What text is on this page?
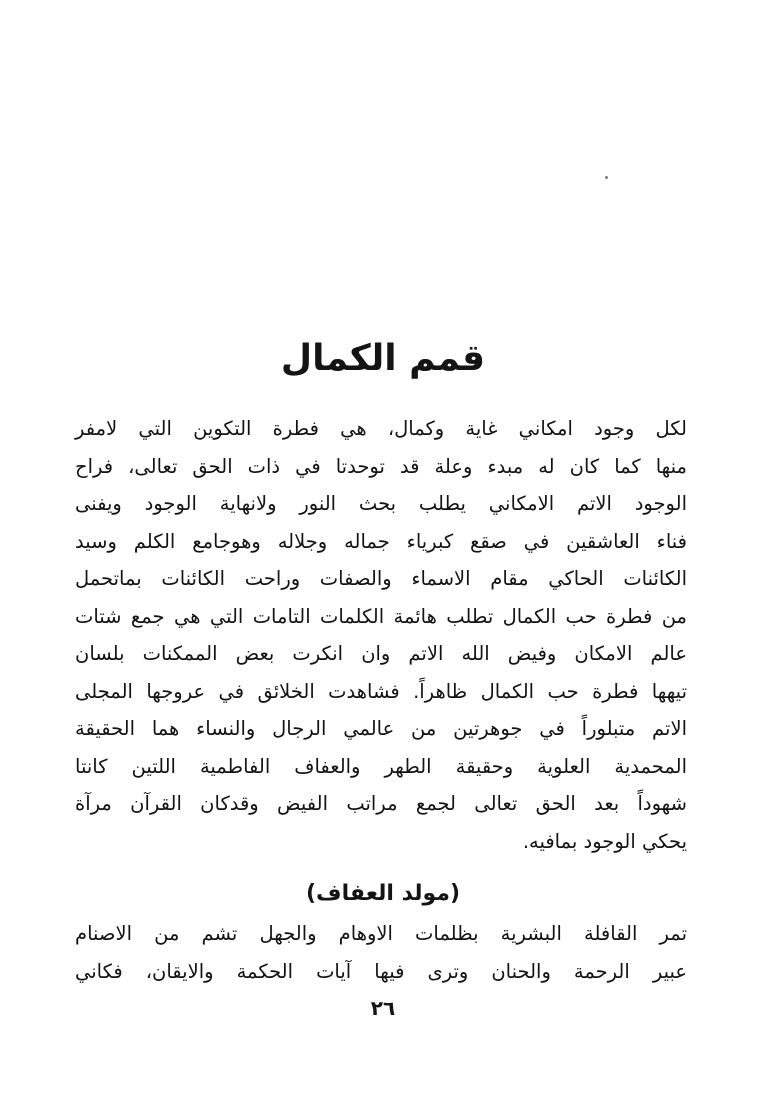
قمم الكمال
لكل وجود امكاني غاية وكمال، هي فطرة التكوين التي لامفر
منها كما كان له مبدء وعلة قد توحدتا في ذات الحق تعالى، فراح
الوجود الاتم الامكاني يطلب بحث النور ولانهاية الوجود ويفنى
فناء العاشقين في صقع كبرياء جماله وجلاله وهوجامع الكلم وسيد
الكائنات الحاكي مقام الاسماء والصفات وراحت الكائنات بماتحمل
من فطرة حب الكمال تطلب هائمة الكلمات التامات التي هي جمع شتات
عالم الامكان وفيض الله الاتم وان انكرت بعض الممكنات بلسان
تيهها فطرة حب الكمال ظاهراً. فشاهدت الخلائق في عروجها المجلى
الاتم متبلوراً في جوهرتين من عالمي الرجال والنساء هما الحقيقة
المحمدية العلوية وحقيقة الطهر والعفاف الفاطمية اللتين كانتا
شهوداً بعد الحق تعالى لجمع مراتب الفيض وقدكان القرآن مرآة
يحكي الوجود بمافيه.
(مولد العفاف)
تمر القافلة البشرية بظلمات الاوهام والجهل تشم من الاصنام
عبير الرحمة والحنان وترى فيها آيات الحكمة والايقان، فكاني
٢٦
